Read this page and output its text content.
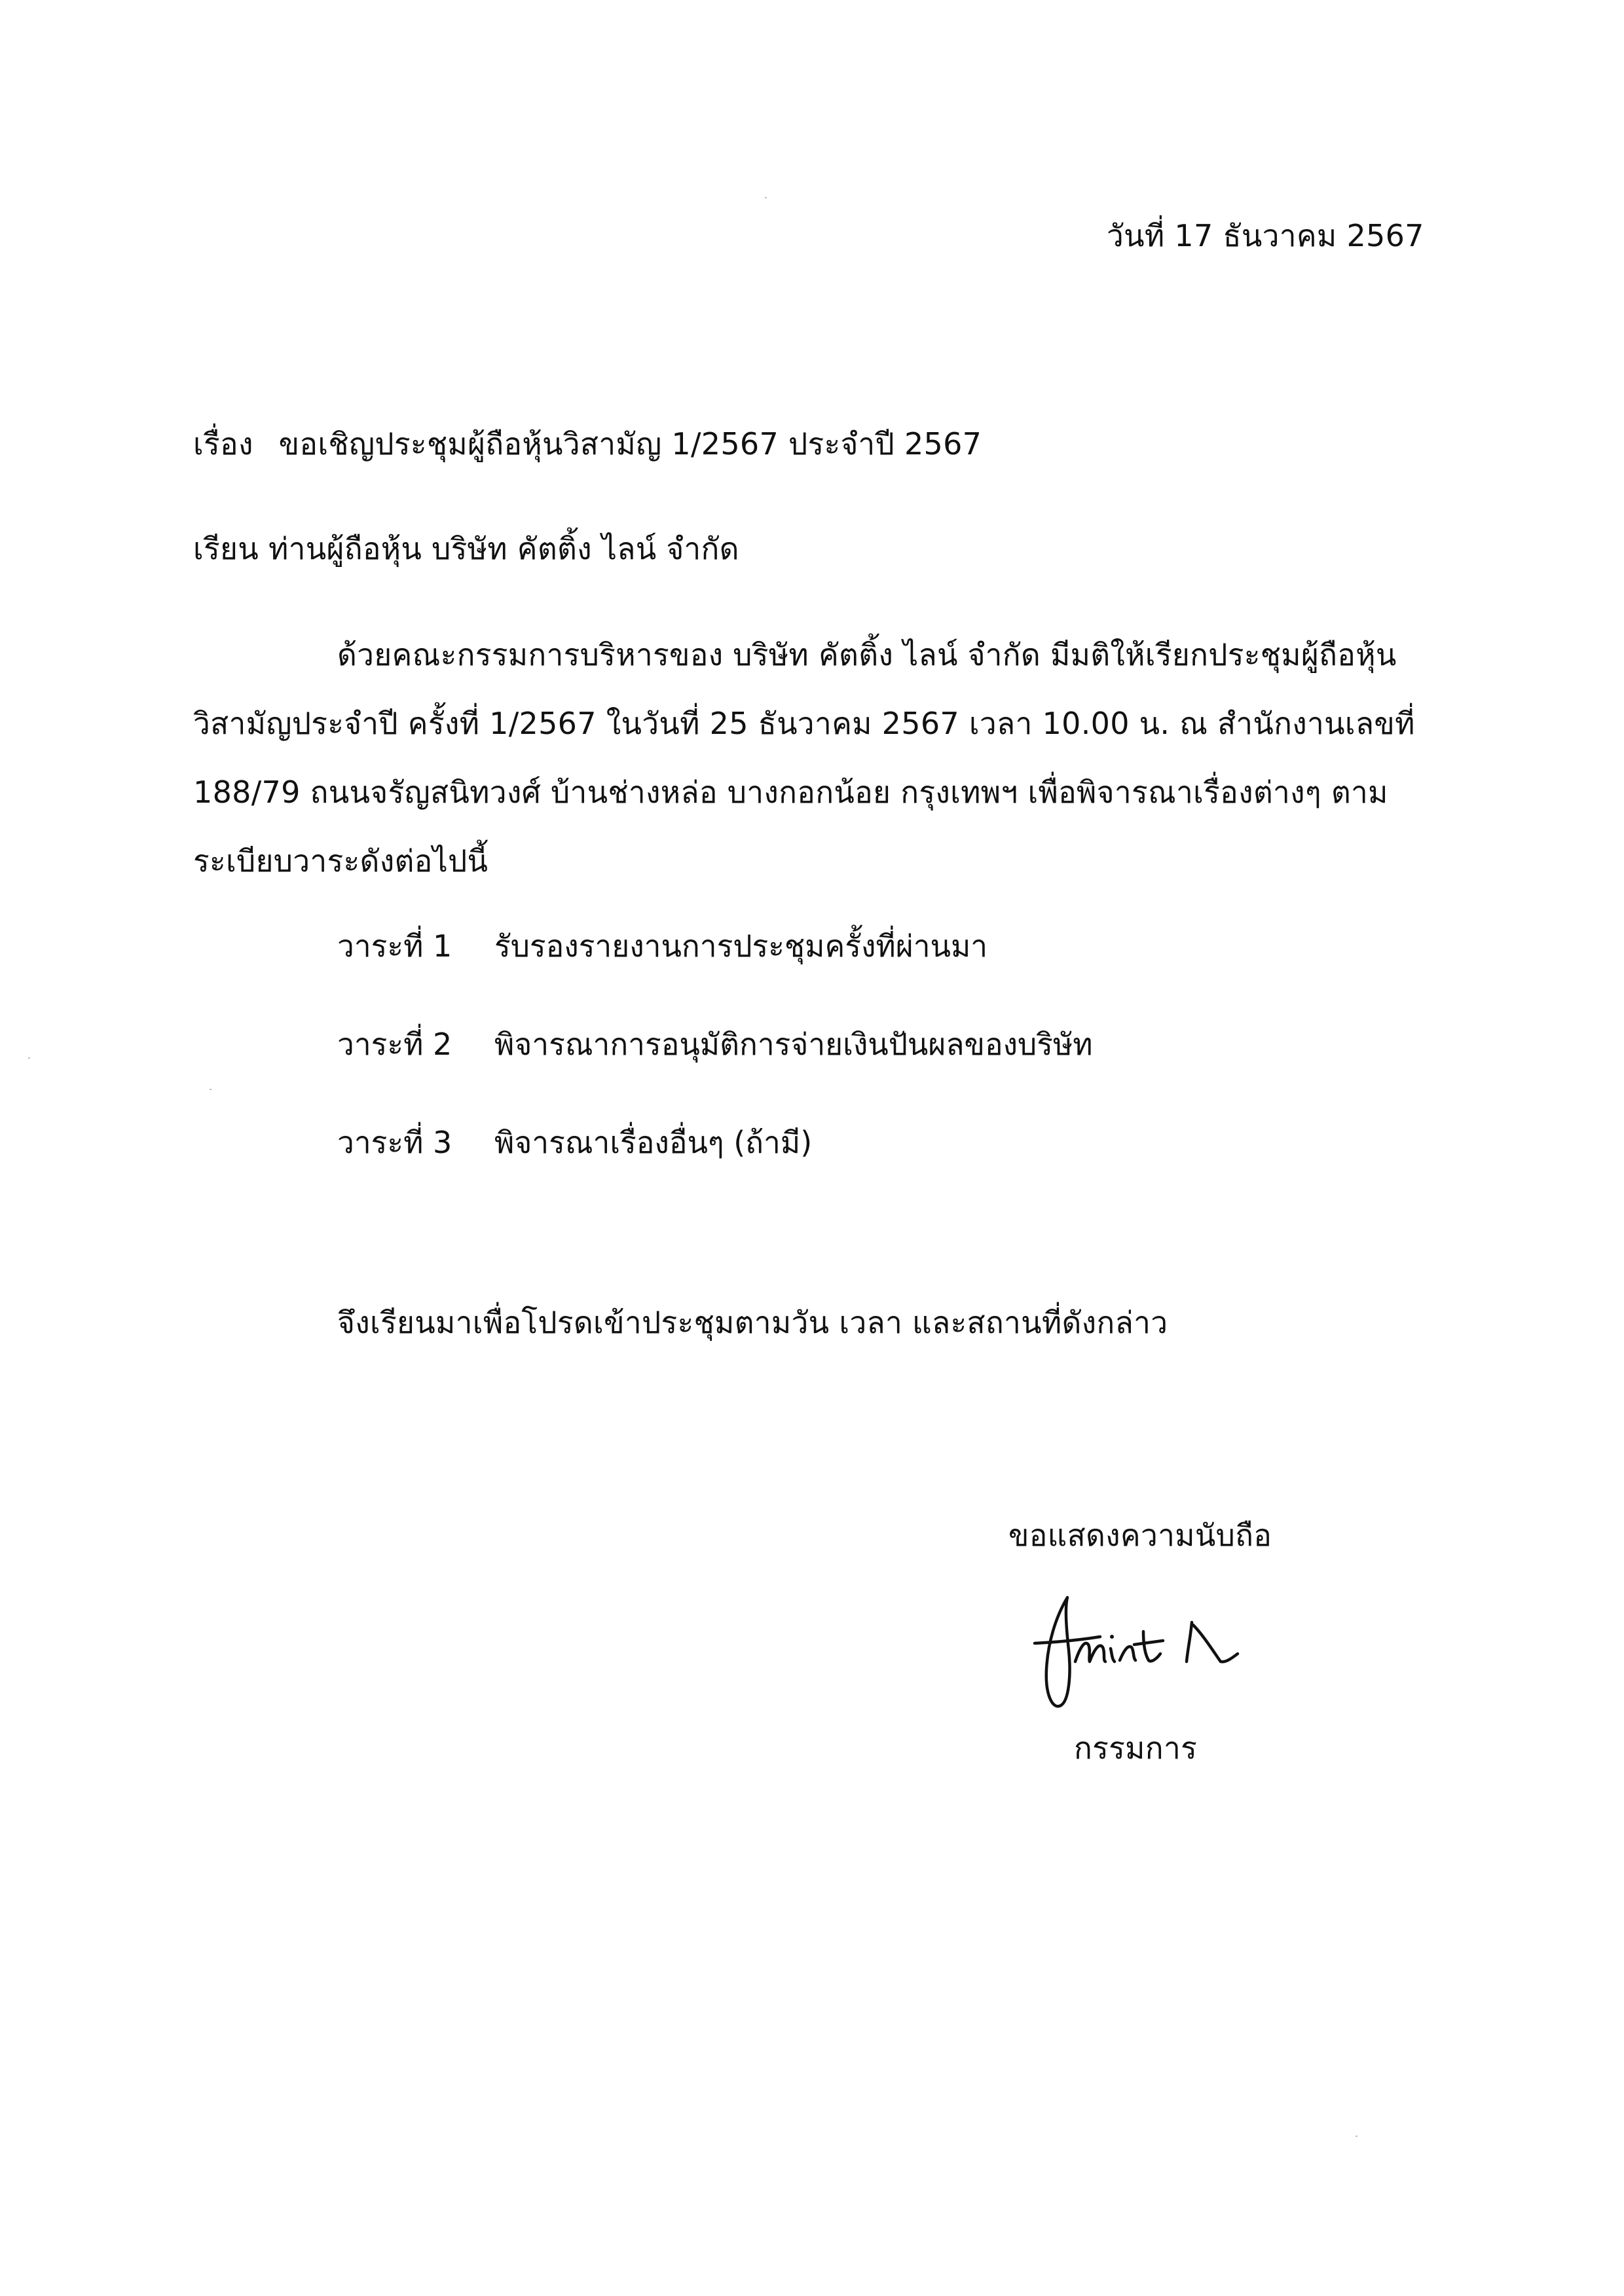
วันที่ 17 ธันวาคม 2567
เรื่อง ขอเชิญประชุมผู้ถือหุ้นวิสามัญ 1/2567 ประจำปี 2567
เรียน ท่านผู้ถือหุ้น บริษัท คัตติ้ง ไลน์ จำกัด
ด้วยคณะกรรมการบริหารของ บริษัท คัตติ้ง ไลน์ จำกัด มีมติให้เรียกประชุมผู้ถือหุ้น
วิสามัญประจำปี ครั้งที่ 1/2567 ในวันที่ 25 ธันวาคม 2567 เวลา 10.00 น. ณ สำนักงานเลขที่
188/79 ถนนจรัญสนิทวงศ์ บ้านช่างหล่อ บางกอกน้อย กรุงเทพฯ เพื่อพิจารณาเรื่องต่างๆ ตาม
ระเบียบวาระดังต่อไปนี้
วาระที่ 1 รับรองรายงานการประชุมครั้งที่ผ่านมา
วาระที่ 2 พิจารณาการอนุมัติการจ่ายเงินปันผลของบริษัท
วาระที่ 3 พิจารณาเรื่องอื่นๆ (ถ้ามี)
จึงเรียนมาเพื่อโปรดเข้าประชุมตามวัน เวลา และสถานที่ดังกล่าว
ขอแสดงความนับถือ
กรรมการ
